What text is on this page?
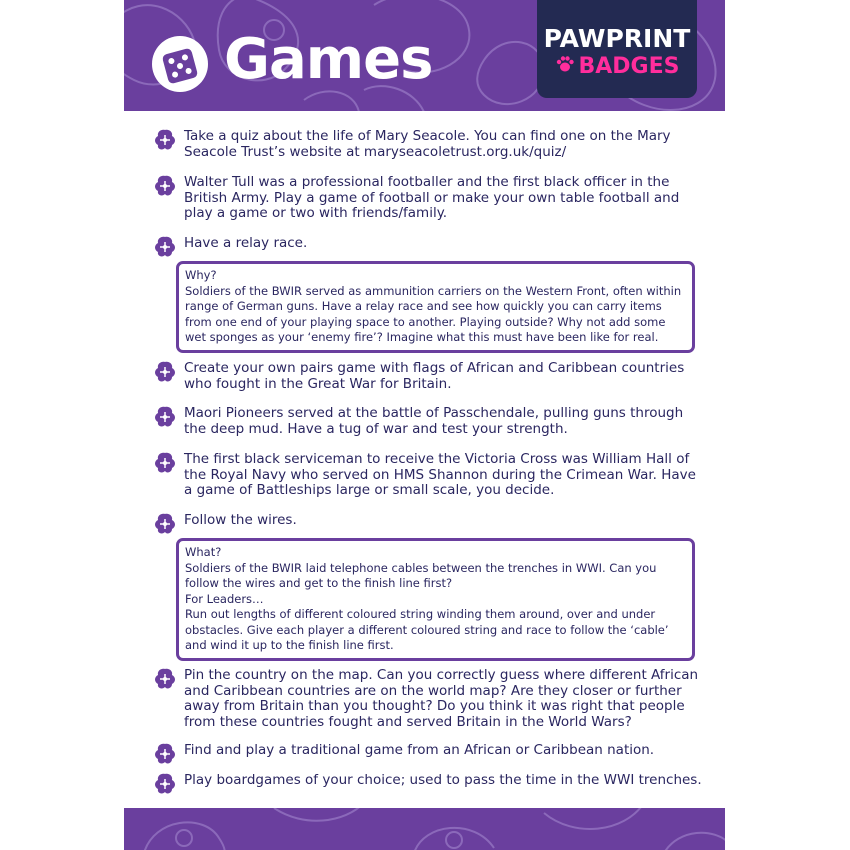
Games	PAWPRINT
BADGES
Take a quiz about the life of Mary Seacole. You can find one on the Mary Seacole Trust’s website at maryseacoletrust.org.uk/quiz/
Walter Tull was a professional footballer and the first black officer in the British Army. Play a game of football or make your own table football and play a game or two with friends/family.
Have a relay race.

Why?

Soldiers of the BWIR served as ammunition carriers on the Western Front, often within range of German guns. Have a relay race and see how quickly you can carry items from one end of your playing space to another. Playing outside? Why not add some wet sponges as your ‘enemy fire’? Imagine what this must have been like for real.

Create your own pairs game with flags of African and Caribbean countries who fought in the Great War for Britain.
Maori Pioneers served at the battle of Passchendale, pulling guns through the deep mud. Have a tug of war and test your strength.
The first black serviceman to receive the Victoria Cross was William Hall of the Royal Navy who served on HMS Shannon during the Crimean War. Have a game of Battleships large or small scale, you decide.
Follow the wires.

What?

Soldiers of the BWIR laid telephone cables between the trenches in WWI. Can you follow the wires and get to the finish line first?

For Leaders…

Run out lengths of different coloured string winding them around, over and under obstacles. Give each player a different coloured string and race to follow the ‘cable’ and wind it up to the finish line first.

Pin the country on the map. Can you correctly guess where different African and Caribbean countries are on the world map? Are they closer or further away from Britain than you thought? Do you think it was right that people from these countries fought and served Britain in the World Wars?
Find and play a traditional game from an African or Caribbean nation.
Play boardgames of your choice; used to pass the time in the WWI trenches.
